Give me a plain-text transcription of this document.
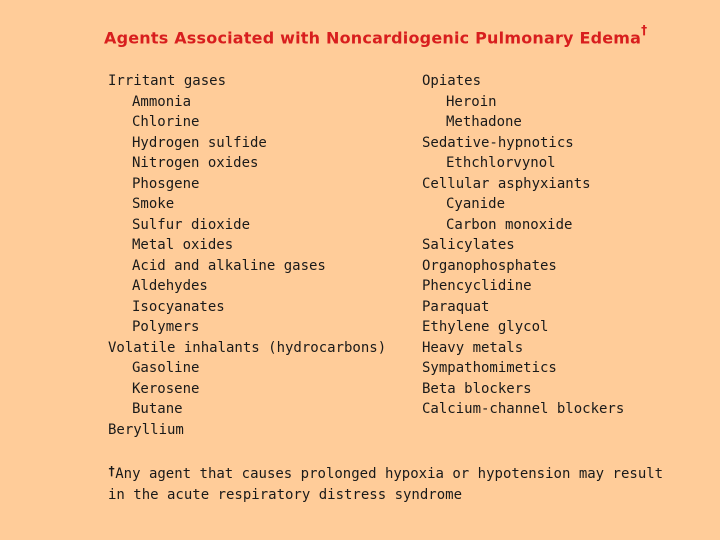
Agents Associated with Noncardiogenic Pulmonary Edema†
Irritant gases
Ammonia
Chlorine
Hydrogen sulfide
Nitrogen oxides
Phosgene
Smoke
Sulfur dioxide
Metal oxides
Acid and alkaline gases
Aldehydes
Isocyanates
Polymers
Volatile inhalants (hydrocarbons)
Gasoline
Kerosene
Butane
Beryllium
Opiates
Heroin
Methadone
Sedative-hypnotics
Ethchlorvynol
Cellular asphyxiants
Cyanide
Carbon monoxide
Salicylates
Organophosphates
Phencyclidine
Paraquat
Ethylene glycol
Heavy metals
Sympathomimetics
Beta blockers
Calcium-channel blockers
†Any agent that causes prolonged hypoxia or hypotension may result
in the acute respiratory distress syndrome
